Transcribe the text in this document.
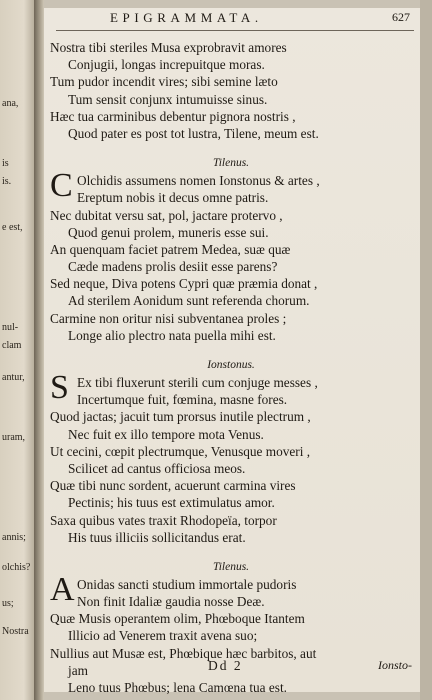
ana,
is
is.
e est,
nul-
clam
antur,
uram,
annis;
olchis?
us;
Nostra
EPIGRAMMATA.	627
Nostra tibi steriles Musa exprobravit amores
Conjugii, longas increpuitque moras.
Tum pudor incendit vires; sibi semine læto
Tum sensit conjunx intumuisse sinus.
Hæc tua carminibus debentur pignora nostris ,
Quod pater es post tot lustra, Tilene, meum est.
Tilenus.
C Olchidis assumens nomen Ionstonus & artes ,
Ereptum nobis it decus omne patris.
Nec dubitat versu sat, pol, jactare protervo ,
Quod genui prolem, muneris esse sui.
An quenquam faciet patrem Medea, suæ quæ
Cæde madens prolis desiit esse parens?
Sed neque, Diva potens Cypri quæ præmia donat ,
Ad sterilem Aonidum sunt referenda chorum.
Carmine non oritur nisi subventanea proles ;
Longe alio plectro nata puella mihi est.
Ionstonus.
S Ex tibi fluxerunt sterili cum conjuge messes ,
Incertumque fuit, fœmina, masne fores.
Quod jactas; jacuit tum prorsus inutile plectrum ,
Nec fuit ex illo tempore mota Venus.
Ut cecini, cœpit plectrumque, Venusque moveri ,
Scilicet ad cantus officiosa meos.
Quæ tibi nunc sordent, acuerunt carmina vires
Pectinis; his tuus est extimulatus amor.
Saxa quibus vates traxit Rhodopeïa, torpor
His tuus illiciis sollicitandus erat.
Tilenus.
A Onidas sancti studium immortale pudoris
Non finit Idaliæ gaudia nosse Deæ.
Quæ Musis operantem olim, Phœboque Itantem
Illicio ad Venerem traxit avena suo;
Nullius aut Musæ est, Phœbique hæc barbitos, aut
jam
Leno tuus Phœbus; lena Camœna tua est.
Dd 2	Ionsto-
